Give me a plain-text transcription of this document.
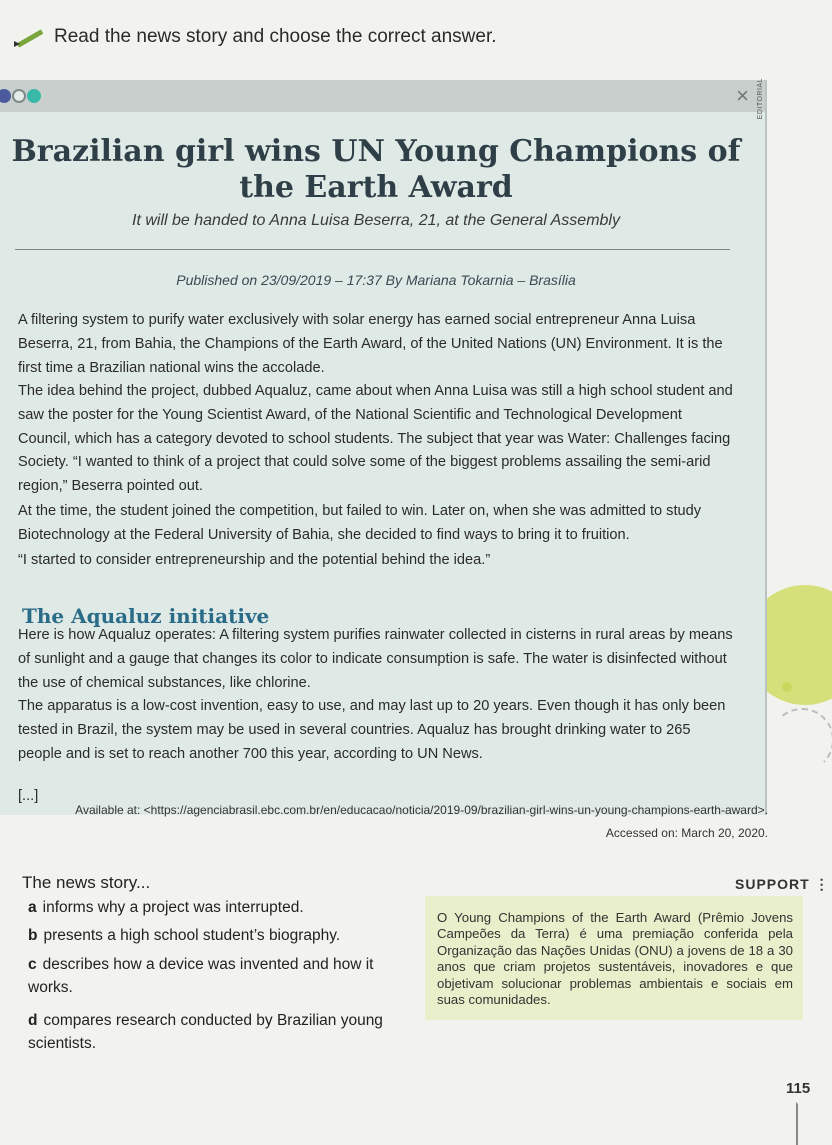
Read the news story and choose the correct answer.
× EDITORIAL
Brazilian girl wins UN Young Champions of
the Earth Award
It will be handed to Anna Luisa Beserra, 21, at the General Assembly
Published on 23/09/2019 – 17:37 By Mariana Tokarnia – Brasília
A filtering system to purify water exclusively with solar energy has earned social entrepreneur Anna Luisa Beserra, 21, from Bahia, the Champions of the Earth Award, of the United Nations (UN) Environment. It is the first time a Brazilian national wins the accolade.
The idea behind the project, dubbed Aqualuz, came about when Anna Luisa was still a high school student and saw the poster for the Young Scientist Award, of the National Scientific and Technological Development Council, which has a category devoted to school students. The subject that year was Water: Challenges facing Society. “I wanted to think of a project that could solve some of the biggest problems assailing the semi-arid region,” Beserra pointed out.
At the time, the student joined the competition, but failed to win. Later on, when she was admitted to study Biotechnology at the Federal University of Bahia, she decided to find ways to bring it to fruition.
“I started to consider entrepreneurship and the potential behind the idea.”
The Aqualuz initiative
Here is how Aqualuz operates: A filtering system purifies rainwater collected in cisterns in rural areas by means of sunlight and a gauge that changes its color to indicate consumption is safe. The water is disinfected without the use of chemical substances, like chlorine.
The apparatus is a low-cost invention, easy to use, and may last up to 20 years. Even though it has only been tested in Brazil, the system may be used in several countries. Aqualuz has brought drinking water to 265 people and is set to reach another 700 this year, according to UN News.
[...]
Available at: <https://agenciabrasil.ebc.com.br/en/educacao/noticia/2019-09/brazilian-girl-wins-un-young-champions-earth-award>.
Accessed on: March 20, 2020.
The news story...	SUPPORT ⋮
a informs why a project was interrupted.
b presents a high school student’s biography.
c describes how a device was invented and how it works.
d compares research conducted by Brazilian young scientists.
O Young Champions of the Earth Award (Prêmio Jovens Campeões da Terra) é uma premiação conferida pela Organização das Nações Unidas (ONU) a jovens de 18 a 30 anos que criam projetos sustentáveis, inovadores e que objetivam solucionar problemas ambientais e sociais em suas comunidades.
115
